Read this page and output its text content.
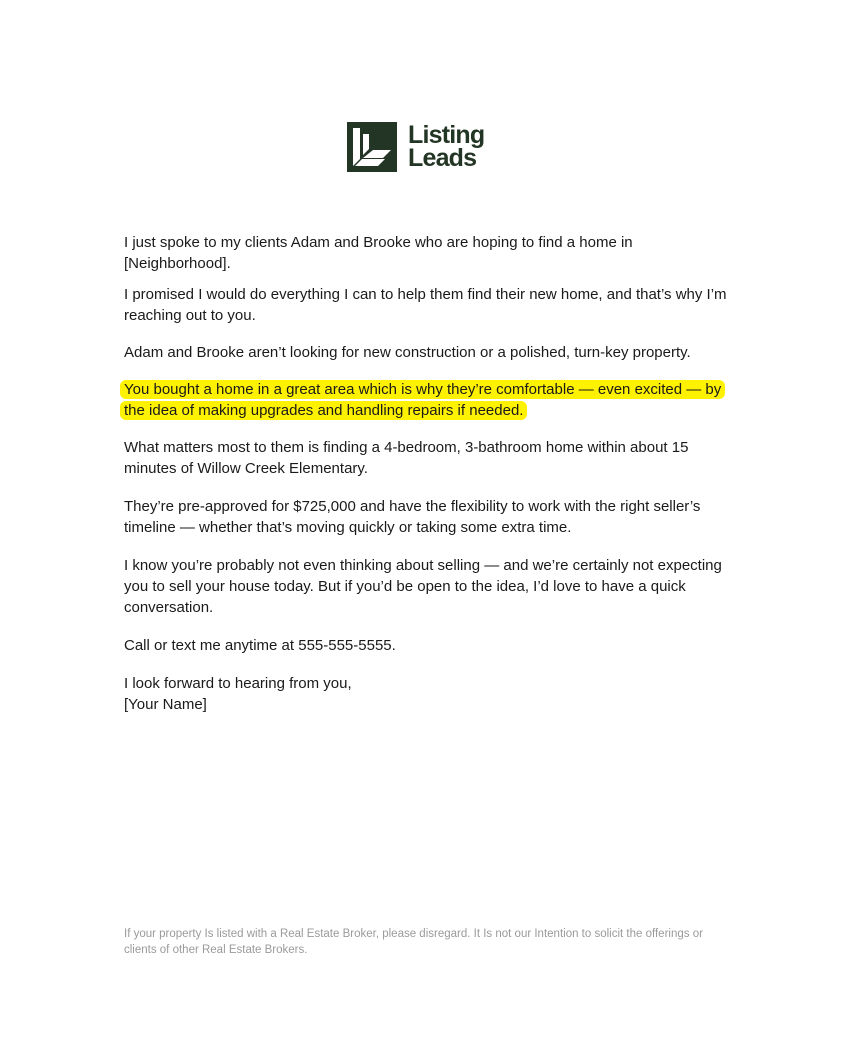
Listing
Leads

I just spoke to my clients Adam and Brooke who are hoping to find a home in [Neighborhood].

I promised I would do everything I can to help them find their new home, and that’s why I’m reaching out to you.

Adam and Brooke aren’t looking for new construction or a polished, turn-key property.

You bought a home in a great area which is why they’re comfortable — even excited — by the idea of making upgrades and handling repairs if needed.

What matters most to them is finding a 4-bedroom, 3-bathroom home within about 15 minutes of Willow Creek Elementary.

They’re pre-approved for $725,000 and have the flexibility to work with the right seller’s timeline — whether that’s moving quickly or taking some extra time.

I know you’re probably not even thinking about selling — and we’re certainly not expecting you to sell your house today. But if you’d be open to the idea, I’d love to have a quick conversation.

Call or text me anytime at 555-555-5555.

I look forward to hearing from you,

[Your Name]

If your property Is listed with a Real Estate Broker, please disregard. It Is not our Intention to solicit the offerings or clients of other Real Estate Brokers.
